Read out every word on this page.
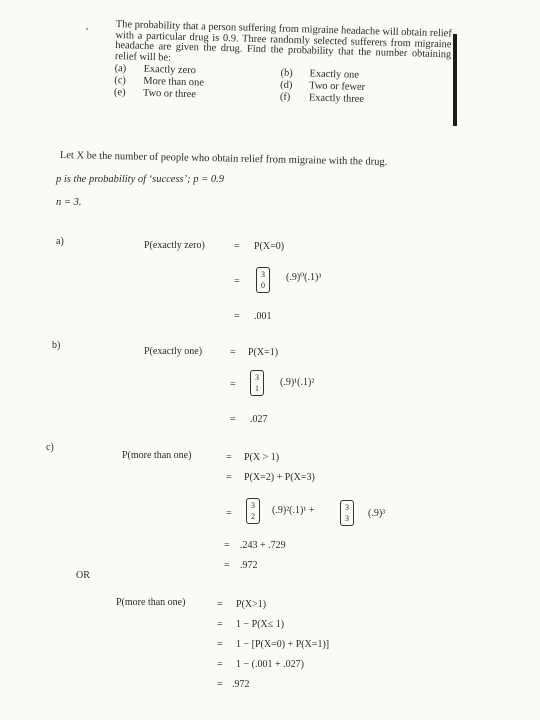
The probability that a person suffering from migraine headache will obtain relief with a particular drug is 0.9. Three randomly selected sufferers from migraine headache are given the drug. Find the probability that the number obtaining relief will be:
(a)	Exactly zero	(b)	Exactly one
(c)	More than one	(d)	Two or fewer
(e)	Two or three	(f)	Exactly three
Let X be the number of people who obtain relief from migraine with the drug.
p is the probability of ‘success’; p = 0.9
n = 3.
a)	P(exactly zero)	= P(X=0)
=
3
0
(.9)⁰(.1)³
= .001
b)
P(exactly one)	= P(X=1)
=
3
1
(.9)¹(.1)²
= .027
c)
P(more than one)	= P(X > 1)
= P(X=2) + P(X=3)
=
3
2
(.9)²(.1)¹ +	3
3	(.9)³
= .243 + .729
= .972
OR
P(more than one)	= P(X>1)
= 1 − P(X≤ 1)
= 1 − [P(X=0) + P(X=1)]
= 1 − (.001 + .027)
= .972
